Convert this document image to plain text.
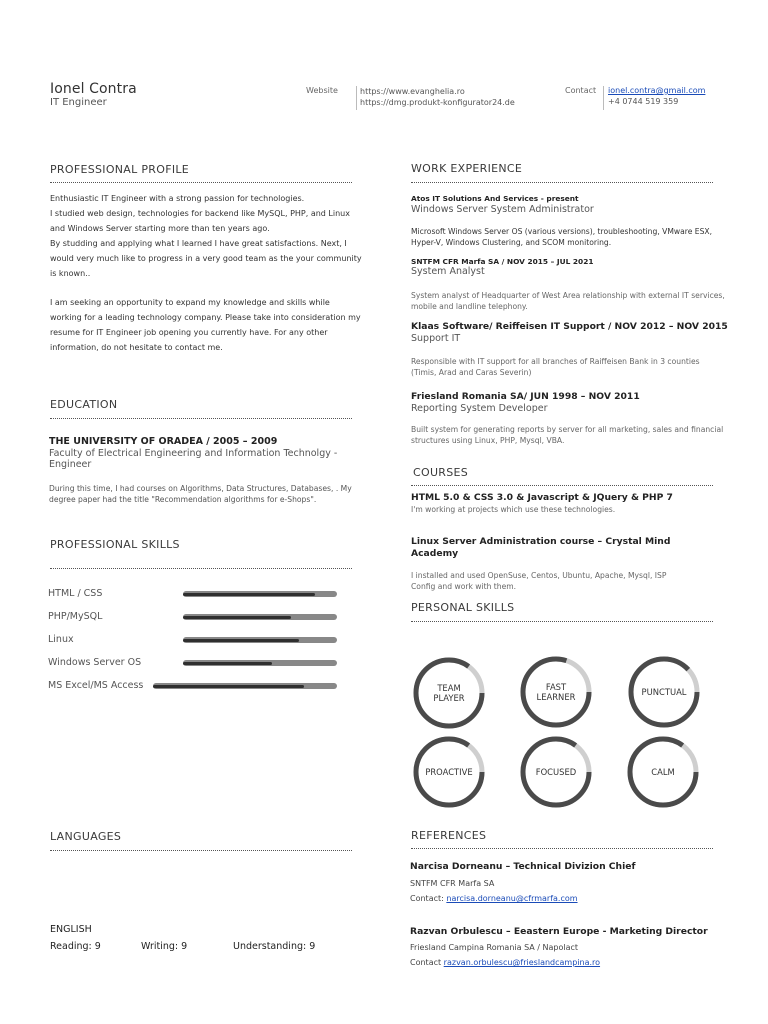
Ionel Contra
IT Engineer
Website	https://www.evanghelia.ro
https://dmg.produkt-konfigurator24.de
Contact ionel.contra@gmail.com
+4 0744 519 359
PROFESSIONAL PROFILE
Enthusiastic IT Engineer with a strong passion for technologies.
I studied web design, technologies for backend like MySQL, PHP, and Linux and Windows Server starting more than ten years ago.
By studding and applying what I learned I have great satisfactions. Next, I would very much like to progress in a very good team as the your community is known..
I am seeking an opportunity to expand my knowledge and skills while working for a leading technology company. Please take into consideration my resume for IT Engineer job opening you currently have. For any other information, do not hesitate to contact me.
EDUCATION
THE UNIVERSITY OF ORADEA / 2005 – 2009
Faculty of Electrical Engineering and Information Technolgy - Engineer
During this time, I had courses on Algorithms, Data Structures, Databases, . My degree paper had the title "Recommendation algorithms for e-Shops".
PROFESSIONAL SKILLS
HTML / CSS
PHP/MySQL
Linux
Windows Server OS
MS Excel/MS Access
LANGUAGES
ENGLISH
Reading: 9	Writing: 9	Understanding: 9
WORK EXPERIENCE
Atos IT Solutions And Services - present
Windows Server System Administrator
Microsoft Windows Server OS (various versions), troubleshooting, VMware ESX, Hyper-V, Windows Clustering, and SCOM monitoring.
SNTFM CFR Marfa SA / NOV 2015 – JUL 2021
System Analyst
System analyst of Headquarter of West Area relationship with external IT services, mobile and landline telephony.
Klaas Software/ Reiffeisen IT Support / NOV 2012 – NOV 2015
Support IT
Responsible with IT support for all branches of Raiffeisen Bank in 3 counties (Timis, Arad and Caras Severin)
Friesland Romania SA/ JUN 1998 – NOV 2011
Reporting System Developer
Built system for generating reports by server for all marketing, sales and financial structures using Linux, PHP, Mysql, VBA.
COURSES
HTML 5.0 & CSS 3.0 & Javascript & JQuery & PHP 7
I'm working at projects which use these technologies.
Linux Server Administration course – Crystal Mind Academy
I installed and used OpenSuse, Centos, Ubuntu, Apache, Mysql, ISP Config and work with them.
PERSONAL SKILLS
TEAM PLAYER
FAST LEARNER
PUNCTUAL
PROACTIVE	FOCUSED	CALM
REFERENCES
Narcisa Dorneanu – Technical Divizion Chief
SNTFM CFR Marfa SA
Contact: narcisa.dorneanu@cfrmarfa.com
Razvan Orbulescu – Eeastern Europe - Marketing Director
Friesland Campina Romania SA / Napolact
Contact razvan.orbulescu@frieslandcampina.ro
